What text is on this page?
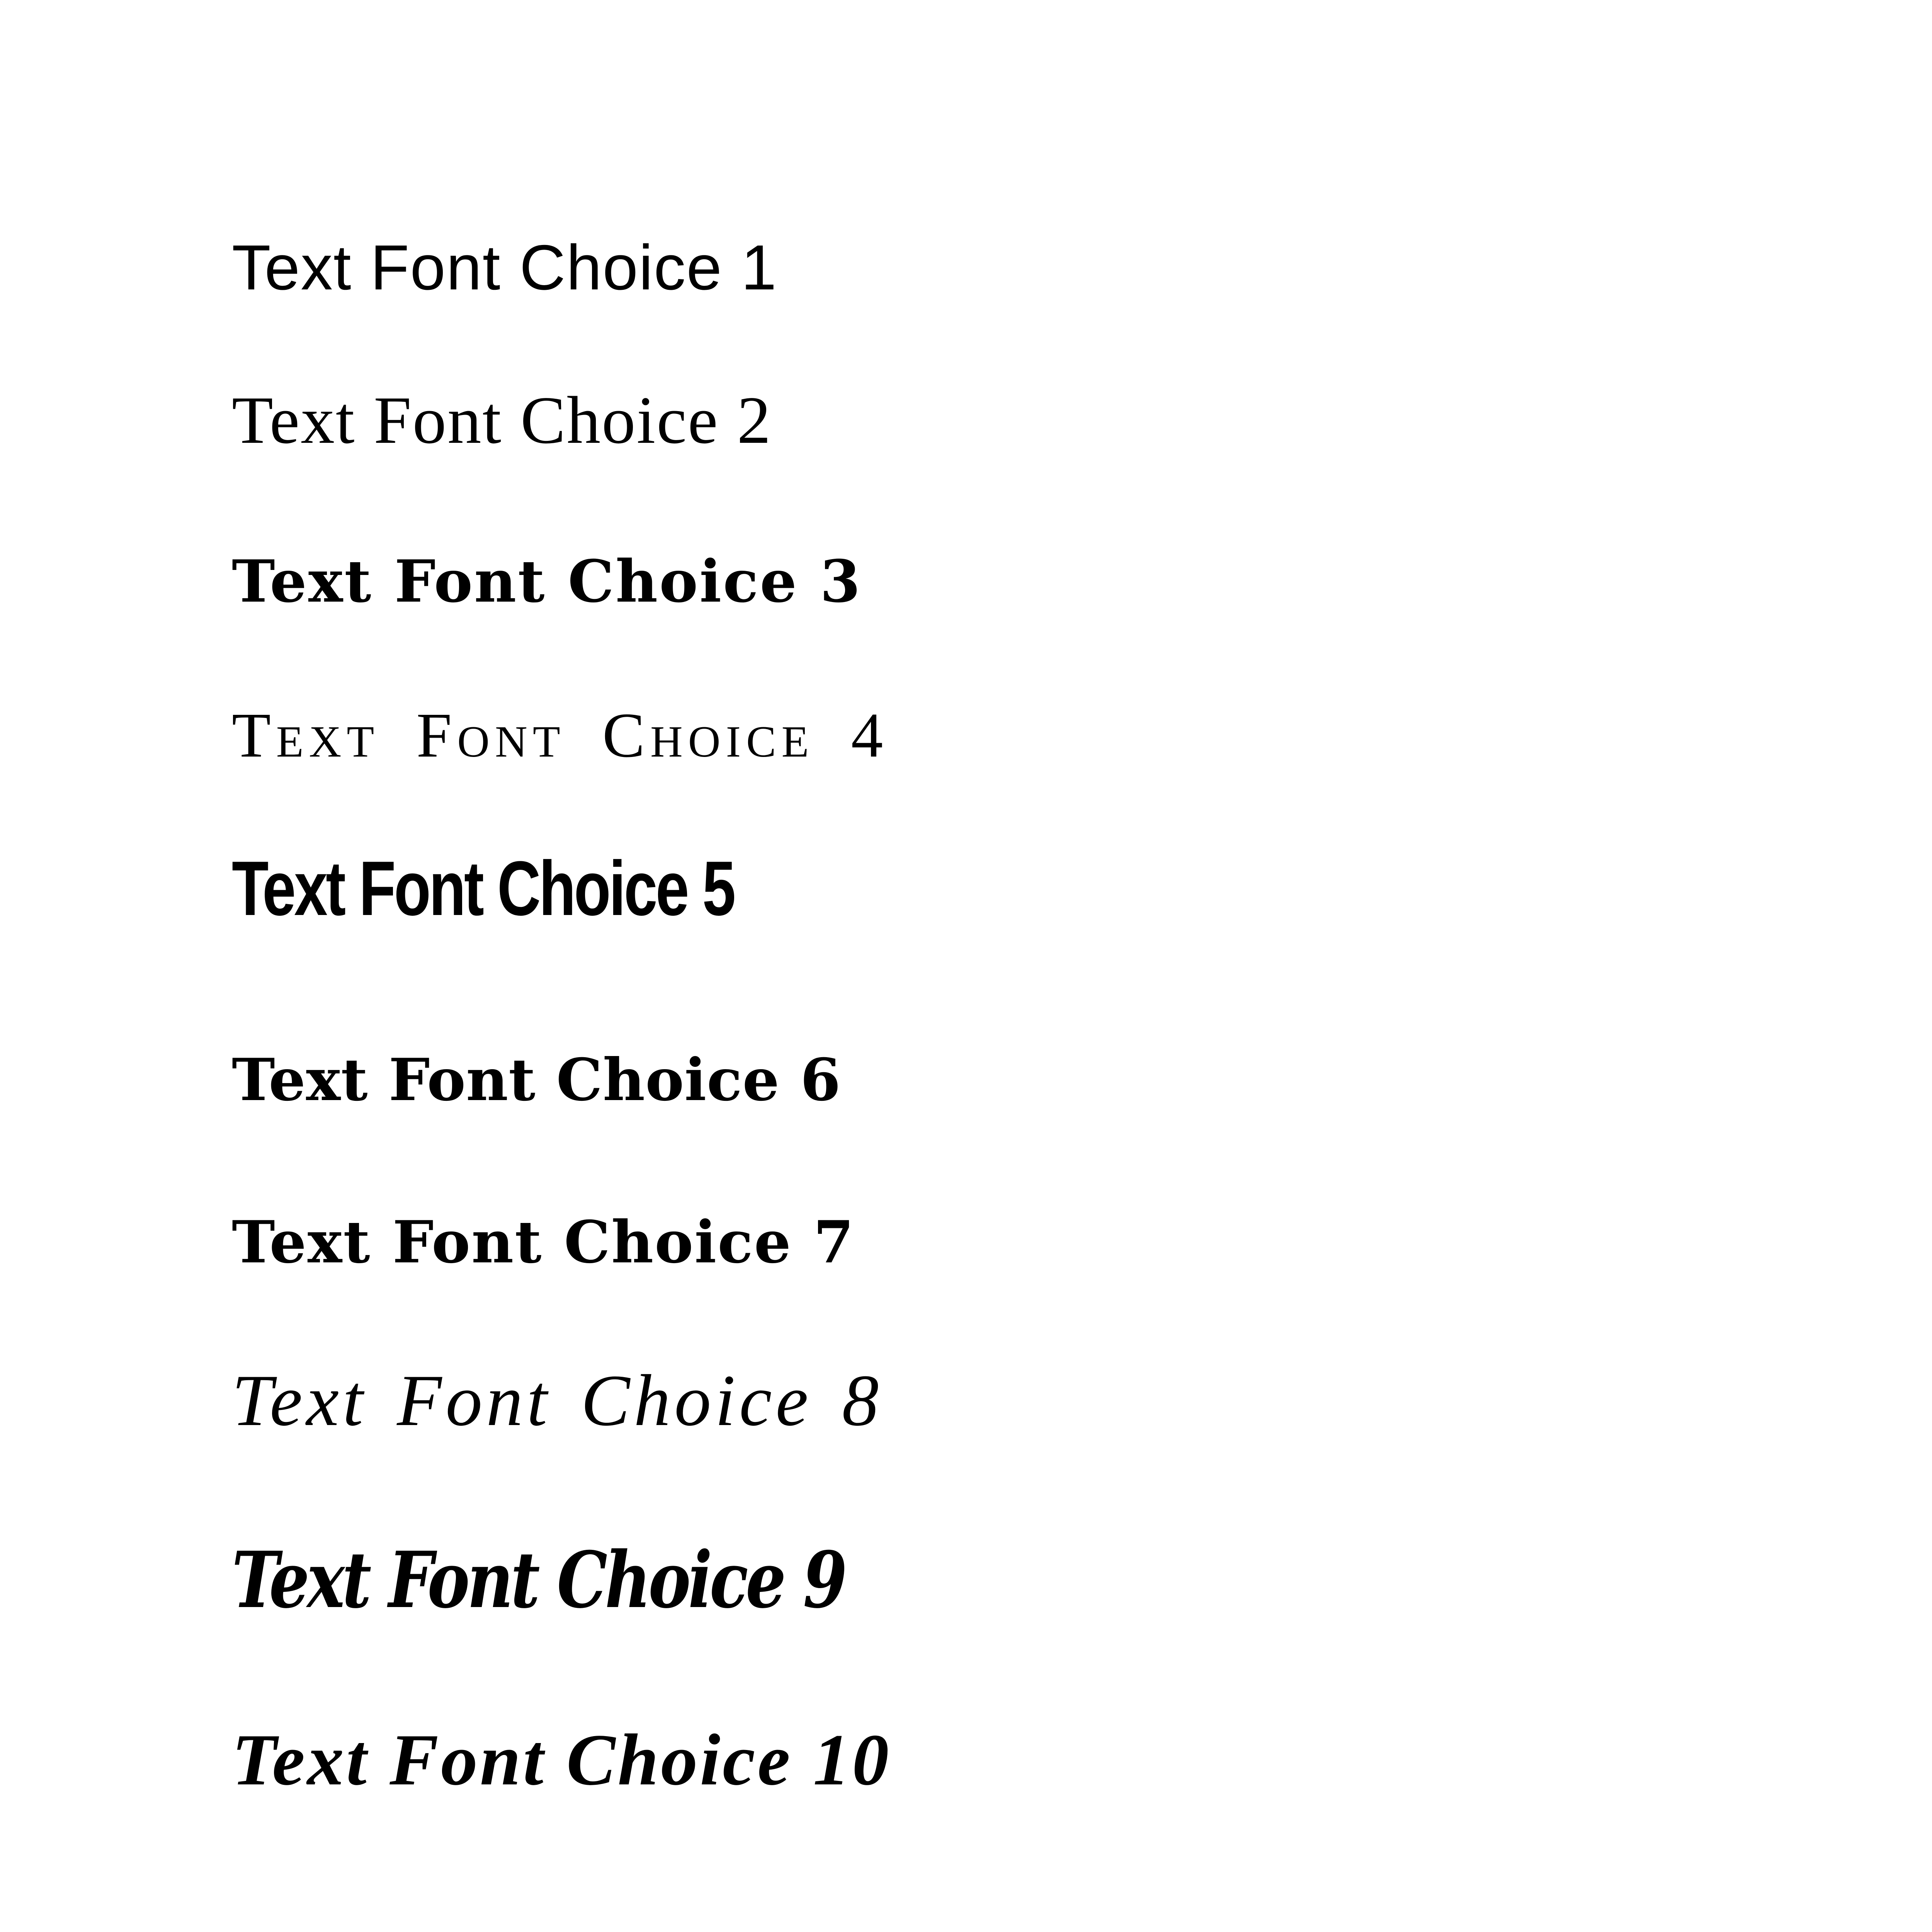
Text Font Choice 1

Text Font Choice 2

Text Font Choice 3

Text Font Choice 4

Text Font Choice 5

Text Font Choice 6

Text Font Choice 7

Text Font Choice 8

Text Font Choice 9

Text Font Choice 10
